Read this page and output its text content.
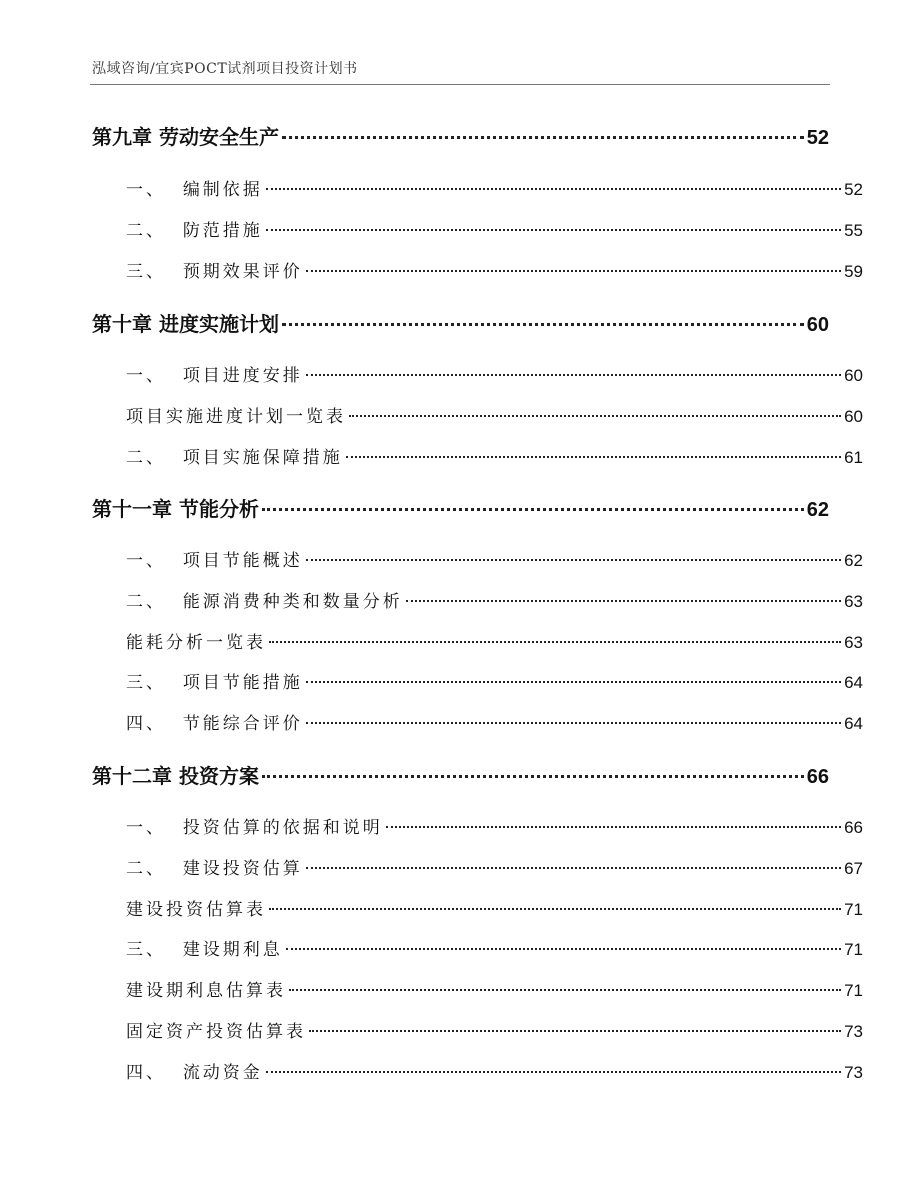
泓域咨询/宜宾POCT试剂项目投资计划书
第九章 劳动安全生产	52
一、 编制依据	52
二、 防范措施	55
三、 预期效果评价	59
第十章 进度实施计划	60
一、 项目进度安排	60
项目实施进度计划一览表	60
二、 项目实施保障措施	61
第十一章 节能分析	62
一、 项目节能概述	62
二、 能源消费种类和数量分析	63
能耗分析一览表	63
三、 项目节能措施	64
四、 节能综合评价	64
第十二章 投资方案	66
一、 投资估算的依据和说明	66
二、 建设投资估算	67
建设投资估算表	71
三、 建设期利息	71
建设期利息估算表	71
固定资产投资估算表	73
四、 流动资金	73
